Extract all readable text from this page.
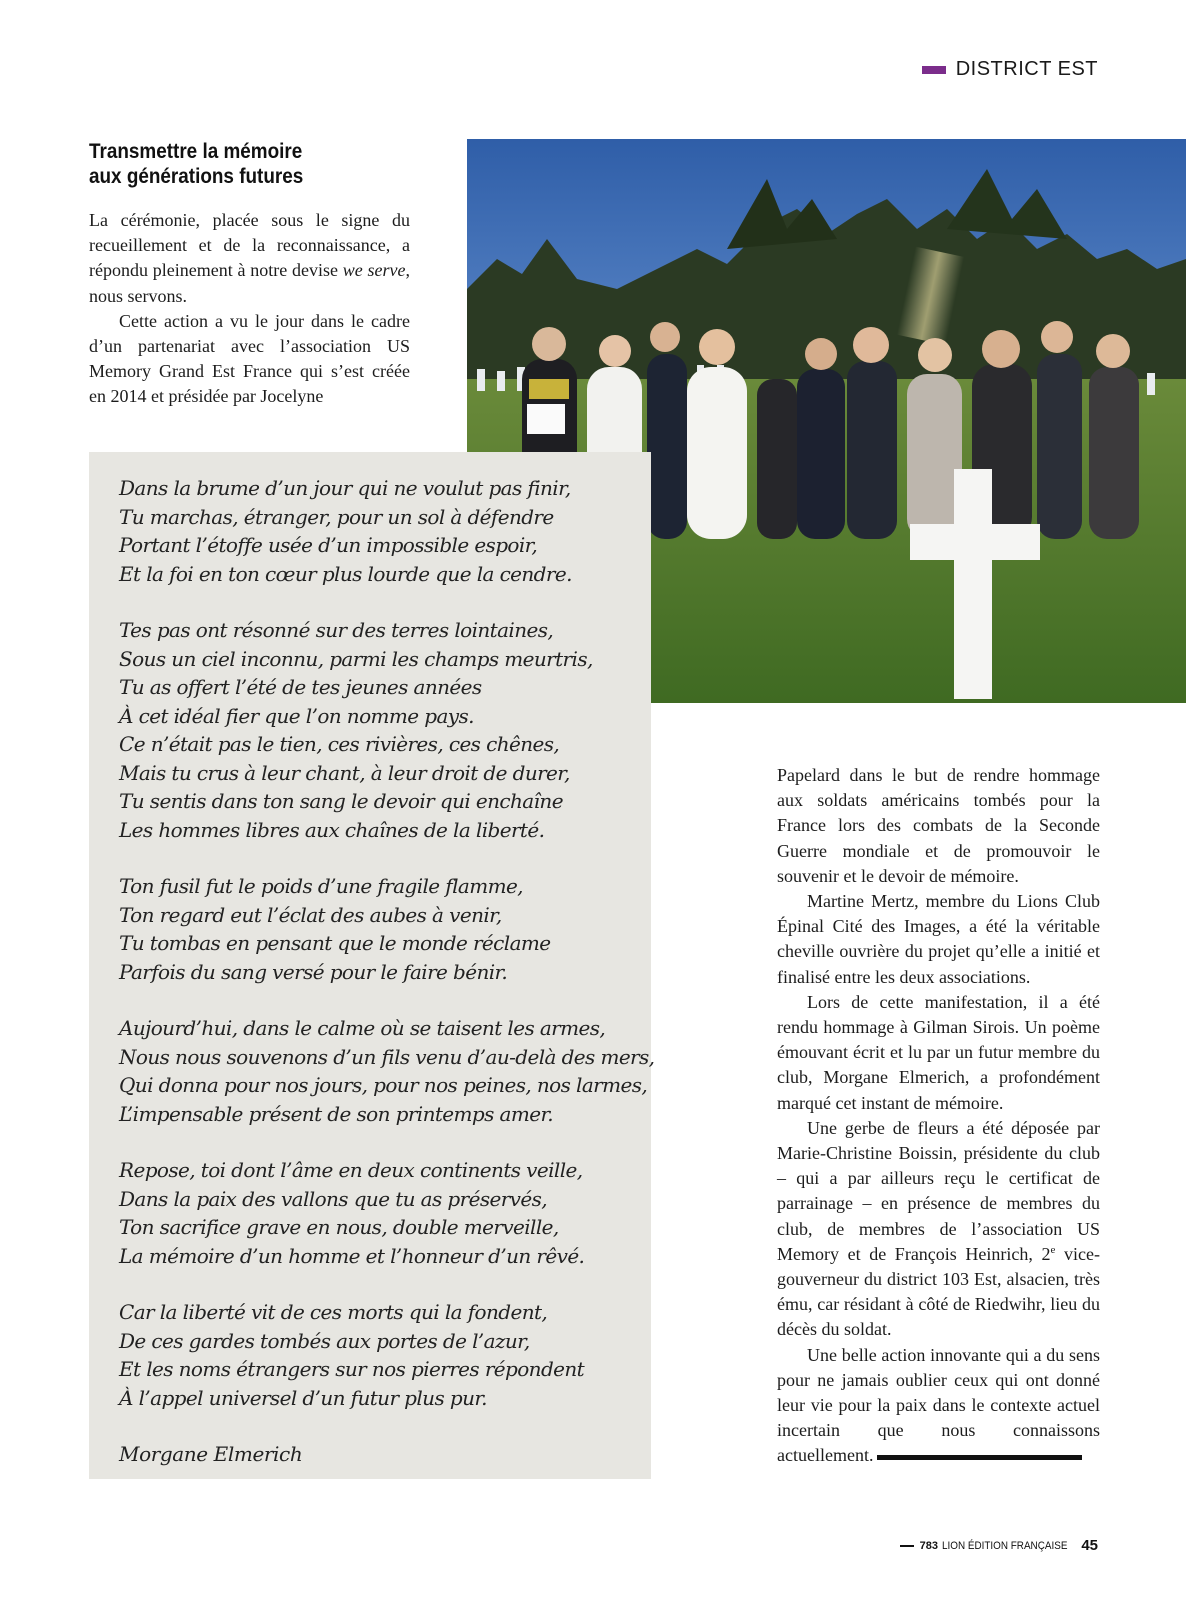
DISTRICT EST
Transmettre la mémoire
aux générations futures

La cérémonie, placée sous le signe du recueillement et de la reconnaissance, a répondu pleinement à notre devise we serve, nous servons.

Cette action a vu le jour dans le cadre d’un partenariat avec l’association US Memory Grand Est France qui s’est créée en 2014 et présidée par Jocelyne

Dans la brume d’un jour qui ne voulut pas finir,
Tu marchas, étranger, pour un sol à défendre
Portant l’étoffe usée d’un impossible espoir,
Et la foi en ton cœur plus lourde que la cendre.
Tes pas ont résonné sur des terres lointaines,
Sous un ciel inconnu, parmi les champs meurtris,
Tu as offert l’été de tes jeunes années
À cet idéal fier que l’on nomme pays.
Ce n’était pas le tien, ces rivières, ces chênes,
Mais tu crus à leur chant, à leur droit de durer,
Tu sentis dans ton sang le devoir qui enchaîne
Les hommes libres aux chaînes de la liberté.
Ton fusil fut le poids d’une fragile flamme,
Ton regard eut l’éclat des aubes à venir,
Tu tombas en pensant que le monde réclame
Parfois du sang versé pour le faire bénir.
Aujourd’hui, dans le calme où se taisent les armes,
Nous nous souvenons d’un fils venu d’au-delà des mers,
Qui donna pour nos jours, pour nos peines, nos larmes,
L’impensable présent de son printemps amer.
Repose, toi dont l’âme en deux continents veille,
Dans la paix des vallons que tu as préservés,
Ton sacrifice grave en nous, double merveille,
La mémoire d’un homme et l’honneur d’un rêvé.
Car la liberté vit de ces morts qui la fondent,
De ces gardes tombés aux portes de l’azur,
Et les noms étrangers sur nos pierres répondent
À l’appel universel d’un futur plus pur.
Morgane Elmerich

Papelard dans le but de rendre hommage aux soldats américains tombés pour la France lors des combats de la Seconde Guerre mondiale et de promouvoir le souvenir et le devoir de mémoire.

Martine Mertz, membre du Lions Club Épinal Cité des Images, a été la véritable cheville ouvrière du projet qu’elle a initié et finalisé entre les deux associations.

Lors de cette manifestation, il a été rendu hommage à Gilman Sirois. Un poème émouvant écrit et lu par un futur membre du club, Morgane Elmerich, a profondément marqué cet instant de mémoire.

Une gerbe de fleurs a été déposée par Marie-Christine Boissin, présidente du club – qui a par ailleurs reçu le certificat de parrainage – en présence de membres du club, de membres de l’association US Memory et de François Heinrich, 2e vice-gouverneur du district 103 Est, alsacien, très ému, car résidant à côté de Riedwihr, lieu du décès du soldat.

Une belle action innovante qui a du sens pour ne jamais oublier ceux qui ont donné leur vie pour la paix dans le contexte actuel incertain que nous connaissons actuellement.

783 LION ÉDITION FRANÇAISE 45
